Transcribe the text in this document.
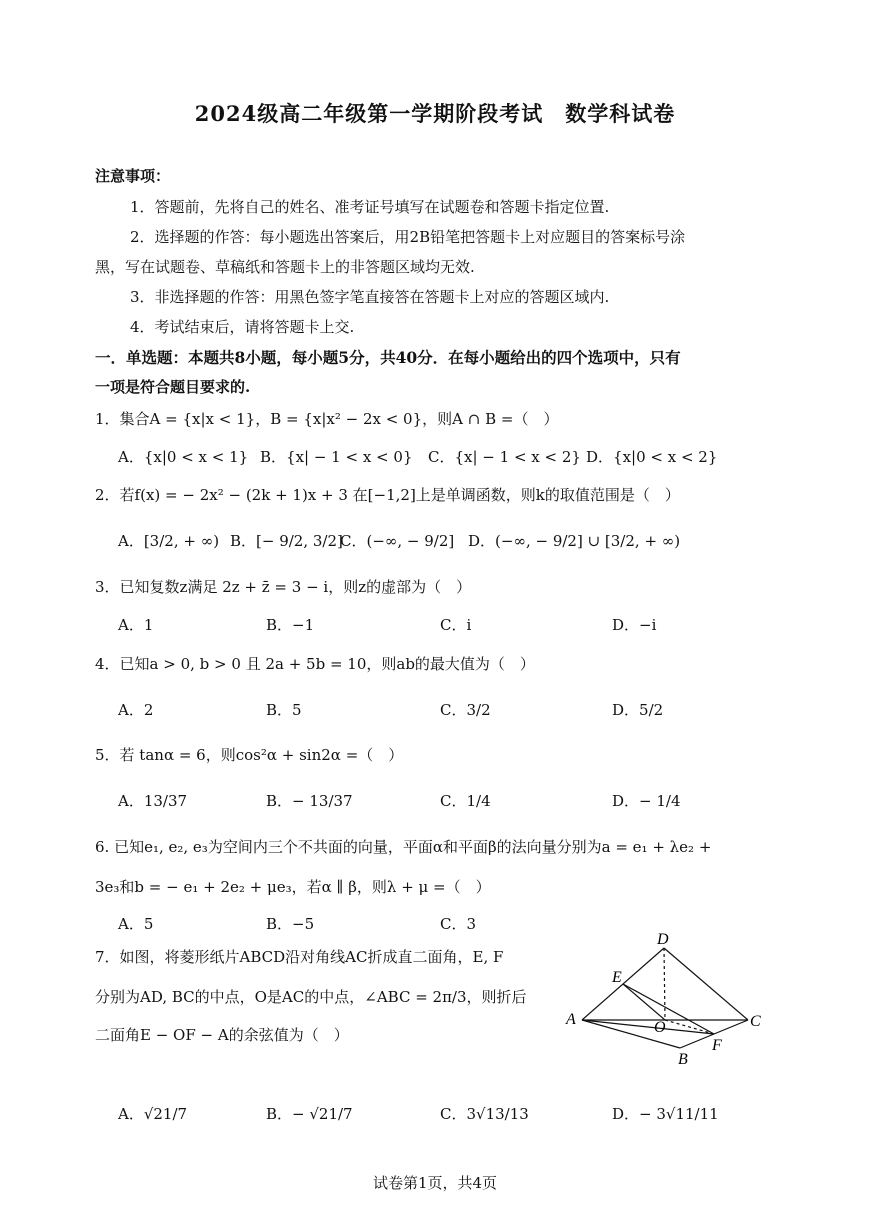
2024级高二年级第一学期阶段考试　数学科试卷
注意事项：
1．答题前，先将自己的姓名、准考证号填写在试题卷和答题卡指定位置.
2．选择题的作答：每小题选出答案后，用2B铅笔把答题卡上对应题目的答案标号涂
黑，写在试题卷、草稿纸和答题卡上的非答题区域均无效.
3．非选择题的作答：用黑色签字笔直接答在答题卡上对应的答题区域内.
4．考试结束后，请将答题卡上交.
一．单选题：本题共8小题，每小题5分，共40分．在每小题给出的四个选项中，只有
一项是符合题目要求的.
1．集合A = {x|x < 1}，B = {x|x² − 2x < 0}，则A ∩ B =（　）
A．{x|0 < x < 1} B．{x| − 1 < x < 0} C．{x| − 1 < x < 2} D．{x|0 < x < 2}
2．若f(x) = − 2x² − (2k + 1)x + 3 在[−1,2]上是单调函数，则k的取值范围是（　）
A．[3/2, + ∞) B．[− 9/2, 3/2]
C．(−∞, − 9/2] D．(−∞, − 9/2] ∪ [3/2, + ∞)
3．已知复数z满足 2z + z̄ = 3 − i，则z的虚部为（　）
A．1	B．−1	C．i	D．−i
4．已知a > 0, b > 0 且 2a + 5b = 10，则ab的最大值为（　）
A．2	B．5	C．3/2	D．5/2
5．若 tanα = 6，则cos²α + sin2α =（　）
A．13/37	B．− 13/37	C．1/4	D．− 1/4
6. 已知e₁, e₂, e₃为空间内三个不共面的向量，平面α和平面β的法向量分别为a = e₁ + λe₂ +
3e₃和b = − e₁ + 2e₂ + μe₃，若α ∥ β，则λ + μ =（　）
A．5	B．−5	C．3
7．如图，将菱形纸片ABCD沿对角线AC折成直二面角，E, F
分别为AD, BC的中点，O是AC的中点，∠ABC = 2π/3，则折后
二面角E − OF − A的余弦值为（　）
D
E
A	O	C
B
F
A．√21/7	B．− √21/7	C．3√13/13	D．− 3√11/11
试卷第1页，共4页
